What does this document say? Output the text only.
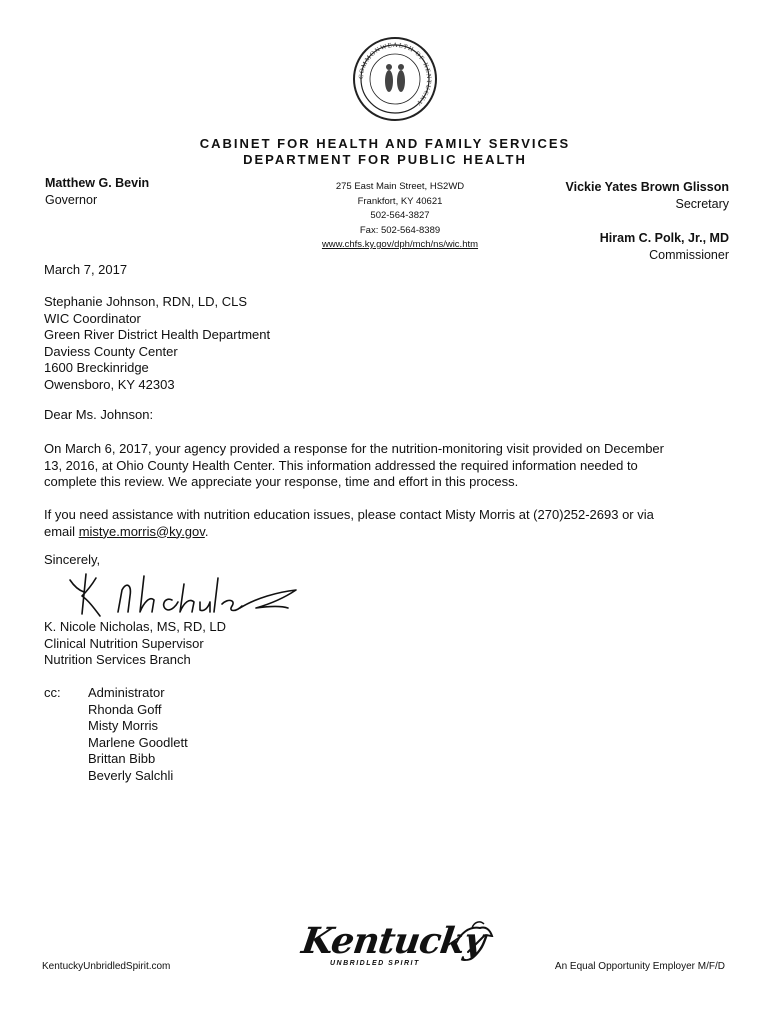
COMMONWEALTH OF KENTUCKY
CABINET FOR HEALTH AND FAMILY SERVICES
DEPARTMENT FOR PUBLIC HEALTH
Matthew G. Bevin
Governor
275 East Main Street, HS2WD
Frankfort, KY 40621
502-564-3827
Fax: 502-564-8389
www.chfs.ky.gov/dph/mch/ns/wic.htm
Vickie Yates Brown Glisson
Secretary
Hiram C. Polk, Jr., MD
Commissioner
March 7, 2017
Stephanie Johnson, RDN, LD, CLS
WIC Coordinator
Green River District Health Department
Daviess County Center
1600 Breckinridge
Owensboro, KY 42303
Dear Ms. Johnson:
On March 6, 2017, your agency provided a response for the nutrition-monitoring visit provided on December
13, 2016, at Ohio County Health Center. This information addressed the required information needed to
complete this review. We appreciate your response, time and effort in this process.
If you need assistance with nutrition education issues, please contact Misty Morris at (270)252-2693 or via
email mistye.morris@ky.gov.
Sincerely,
K. Nicole Nicholas, MS, RD, LD
Clinical Nutrition Supervisor
Nutrition Services Branch
cc: Administrator
Rhonda Goff
Misty Morris
Marlene Goodlett
Brittan Bibb
Beverly Salchli
KentuckyUnbridledSpirit.com
Kentucky
UNBRIDLED SPIRIT	An Equal Opportunity Employer M/F/D
